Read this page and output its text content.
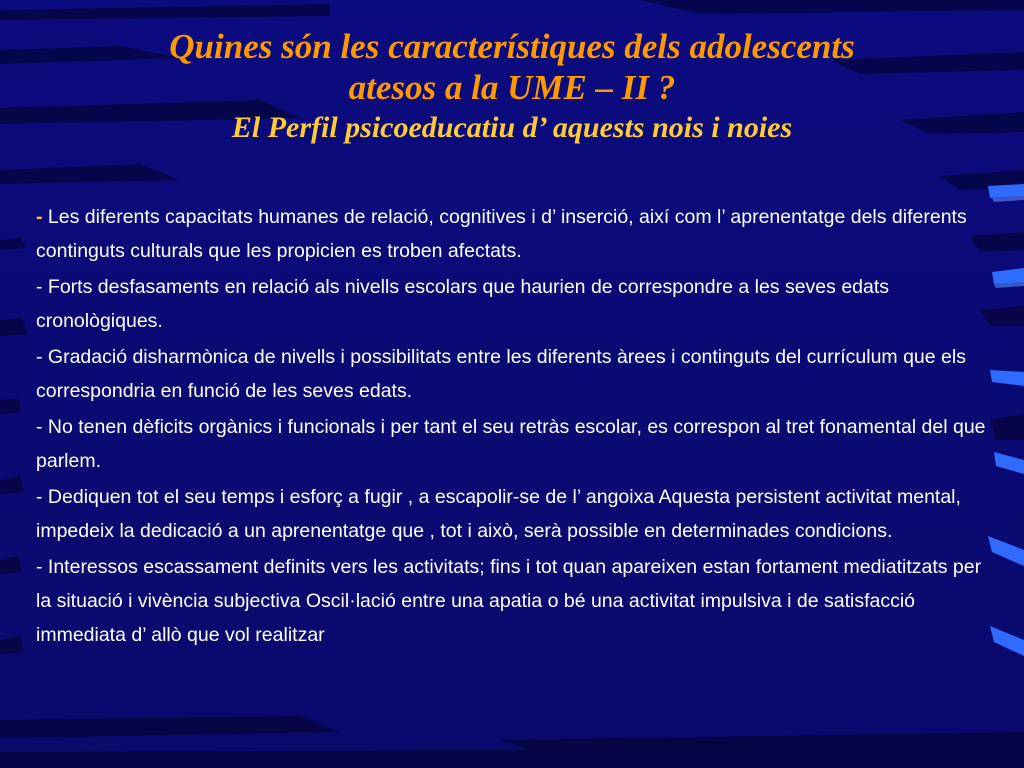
Quines són les característiques dels adolescents

atesos a la UME – II ?

El Perfil psicoeducatiu d’ aquests nois i noies

- Les diferents capacitats humanes de relació, cognitives i d’ inserció, així com l’ aprenentatge dels diferents continguts culturals que les propicien es troben afectats.

- Forts desfasaments en relació als nivells escolars que haurien de correspondre a les seves edats cronològiques.

- Gradació disharmònica de nivells i possibilitats entre les diferents àrees i continguts del currículum que els correspondria en funció de les seves edats.

- No tenen dèficits orgànics i funcionals i per tant el seu retràs escolar, es correspon al tret fonamental del que parlem.

- Dediquen tot el seu temps i esforç a fugir , a escapolir-se de l’ angoixa Aquesta persistent activitat mental, impedeix la dedicació a un aprenentatge que , tot i això, serà possible en determinades condicions.

- Interessos escassament definits vers les activitats; fins i tot quan apareixen estan fortament mediatitzats per la situació i vivència subjectiva Oscil·lació entre una apatia o bé una activitat impulsiva i de satisfacció immediata d’ allò que vol realitzar
